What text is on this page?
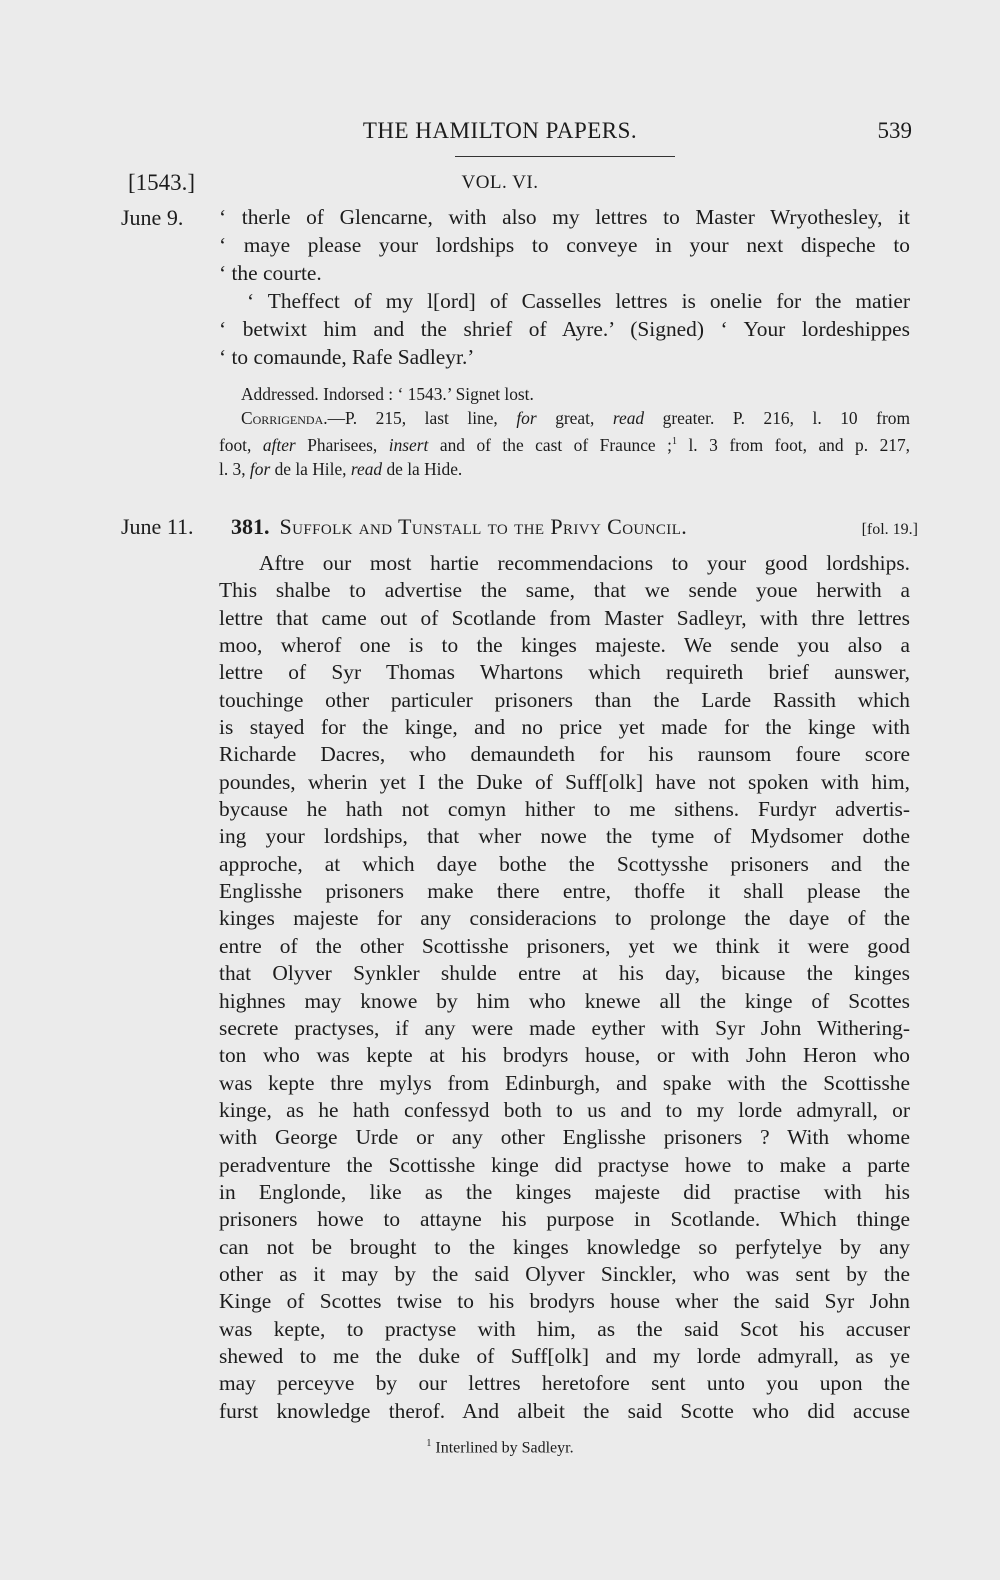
THE HAMILTON PAPERS.	539
[1543.]	VOL. VI.
June 9. ‘ therle of Glencarne, with also my lettres to Master Wryothesley, it
‘ maye please your lordships to conveye in your next dispeche to
‘ the courte.
‘ Theffect of my l[ord] of Casselles lettres is onelie for the matier
‘ betwixt him and the shrief of Ayre.’ (Signed) ‘ Your lordeshippes
‘ to comaunde, Rafe Sadleyr.’
Addressed. Indorsed : ‘ 1543.’ Signet lost.
Corrigenda.—P. 215, last line, for great, read greater. P. 216, l. 10 from
foot, after Pharisees, insert and of the cast of Fraunce ;$^1$ l. 3 from foot, and p. 217,
l. 3, for de la Hile, read de la Hide.
June 11. 381. Suffolk and Tunstall to the Privy Council.	[fol. 19.]
Aftre our most hartie recommendacions to your good lordships.
This shalbe to advertise the same, that we sende youe herwith a
lettre that came out of Scotlande from Master Sadleyr, with thre lettres
moo, wherof one is to the kinges majeste. We sende you also a
lettre of Syr Thomas Whartons which requireth brief aunswer,
touchinge other particuler prisoners than the Larde Rassith which
is stayed for the kinge, and no price yet made for the kinge with
Richarde Dacres, who demaundeth for his raunsom foure score
poundes, wherin yet I the Duke of Suff[olk] have not spoken with him,
bycause he hath not comyn hither to me sithens. Furdyr advertis-
ing your lordships, that wher nowe the tyme of Mydsomer dothe
approche, at which daye bothe the Scottysshe prisoners and the
Englisshe prisoners make there entre, thoffe it shall please the
kinges majeste for any consideracions to prolonge the daye of the
entre of the other Scottisshe prisoners, yet we think it were good
that Olyver Synkler shulde entre at his day, bicause the kinges
highnes may knowe by him who knewe all the kinge of Scottes
secrete practyses, if any were made eyther with Syr John Withering-
ton who was kepte at his brodyrs house, or with John Heron who
was kepte thre mylys from Edinburgh, and spake with the Scottisshe
kinge, as he hath confessyd both to us and to my lorde admyrall, or
with George Urde or any other Englisshe prisoners ? With whome
peradventure the Scottisshe kinge did practyse howe to make a parte
in Englonde, like as the kinges majeste did practise with his
prisoners howe to attayne his purpose in Scotlande. Which thinge
can not be brought to the kinges knowledge so perfytelye by any
other as it may by the said Olyver Sinckler, who was sent by the
Kinge of Scottes twise to his brodyrs house wher the said Syr John
was kepte, to practyse with him, as the said Scot his accuser
shewed to me the duke of Suff[olk] and my lorde admyrall, as ye
may perceyve by our lettres heretofore sent unto you upon the
furst knowledge therof. And albeit the said Scotte who did accuse
$^1$ Interlined by Sadleyr.
